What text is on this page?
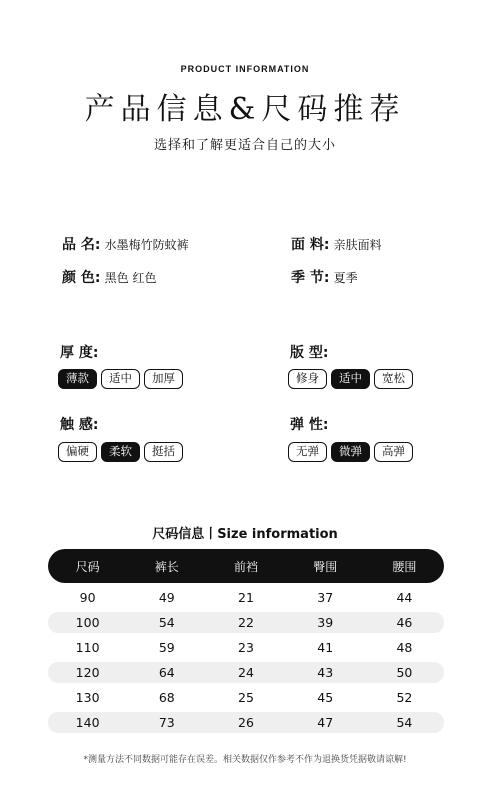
PRODUCT INFORMATION
产品信息&尺码推荐
选择和了解更适合自己的大小
品 名: 水墨梅竹防蚊裤	面 料: 亲肤面料
颜 色: 黑色 红色	季 节: 夏季
厚 度:
薄款	适中	加厚
版 型:
修身	适中	宽松
触 感:
偏硬	柔软	挺括
弹 性:
无弹	微弹	高弹
尺码信息丨Size information
尺码	裤长	前裆	臀围	腰围
90	49	21	37	44
100	54	22	39	46
110	59	23	41	48
120	64	24	43	50
130	68	25	45	52
140	73	26	47	54
*测量方法不同数据可能存在误差。相关数据仅作参考不作为退换货凭据敬请谅解!
